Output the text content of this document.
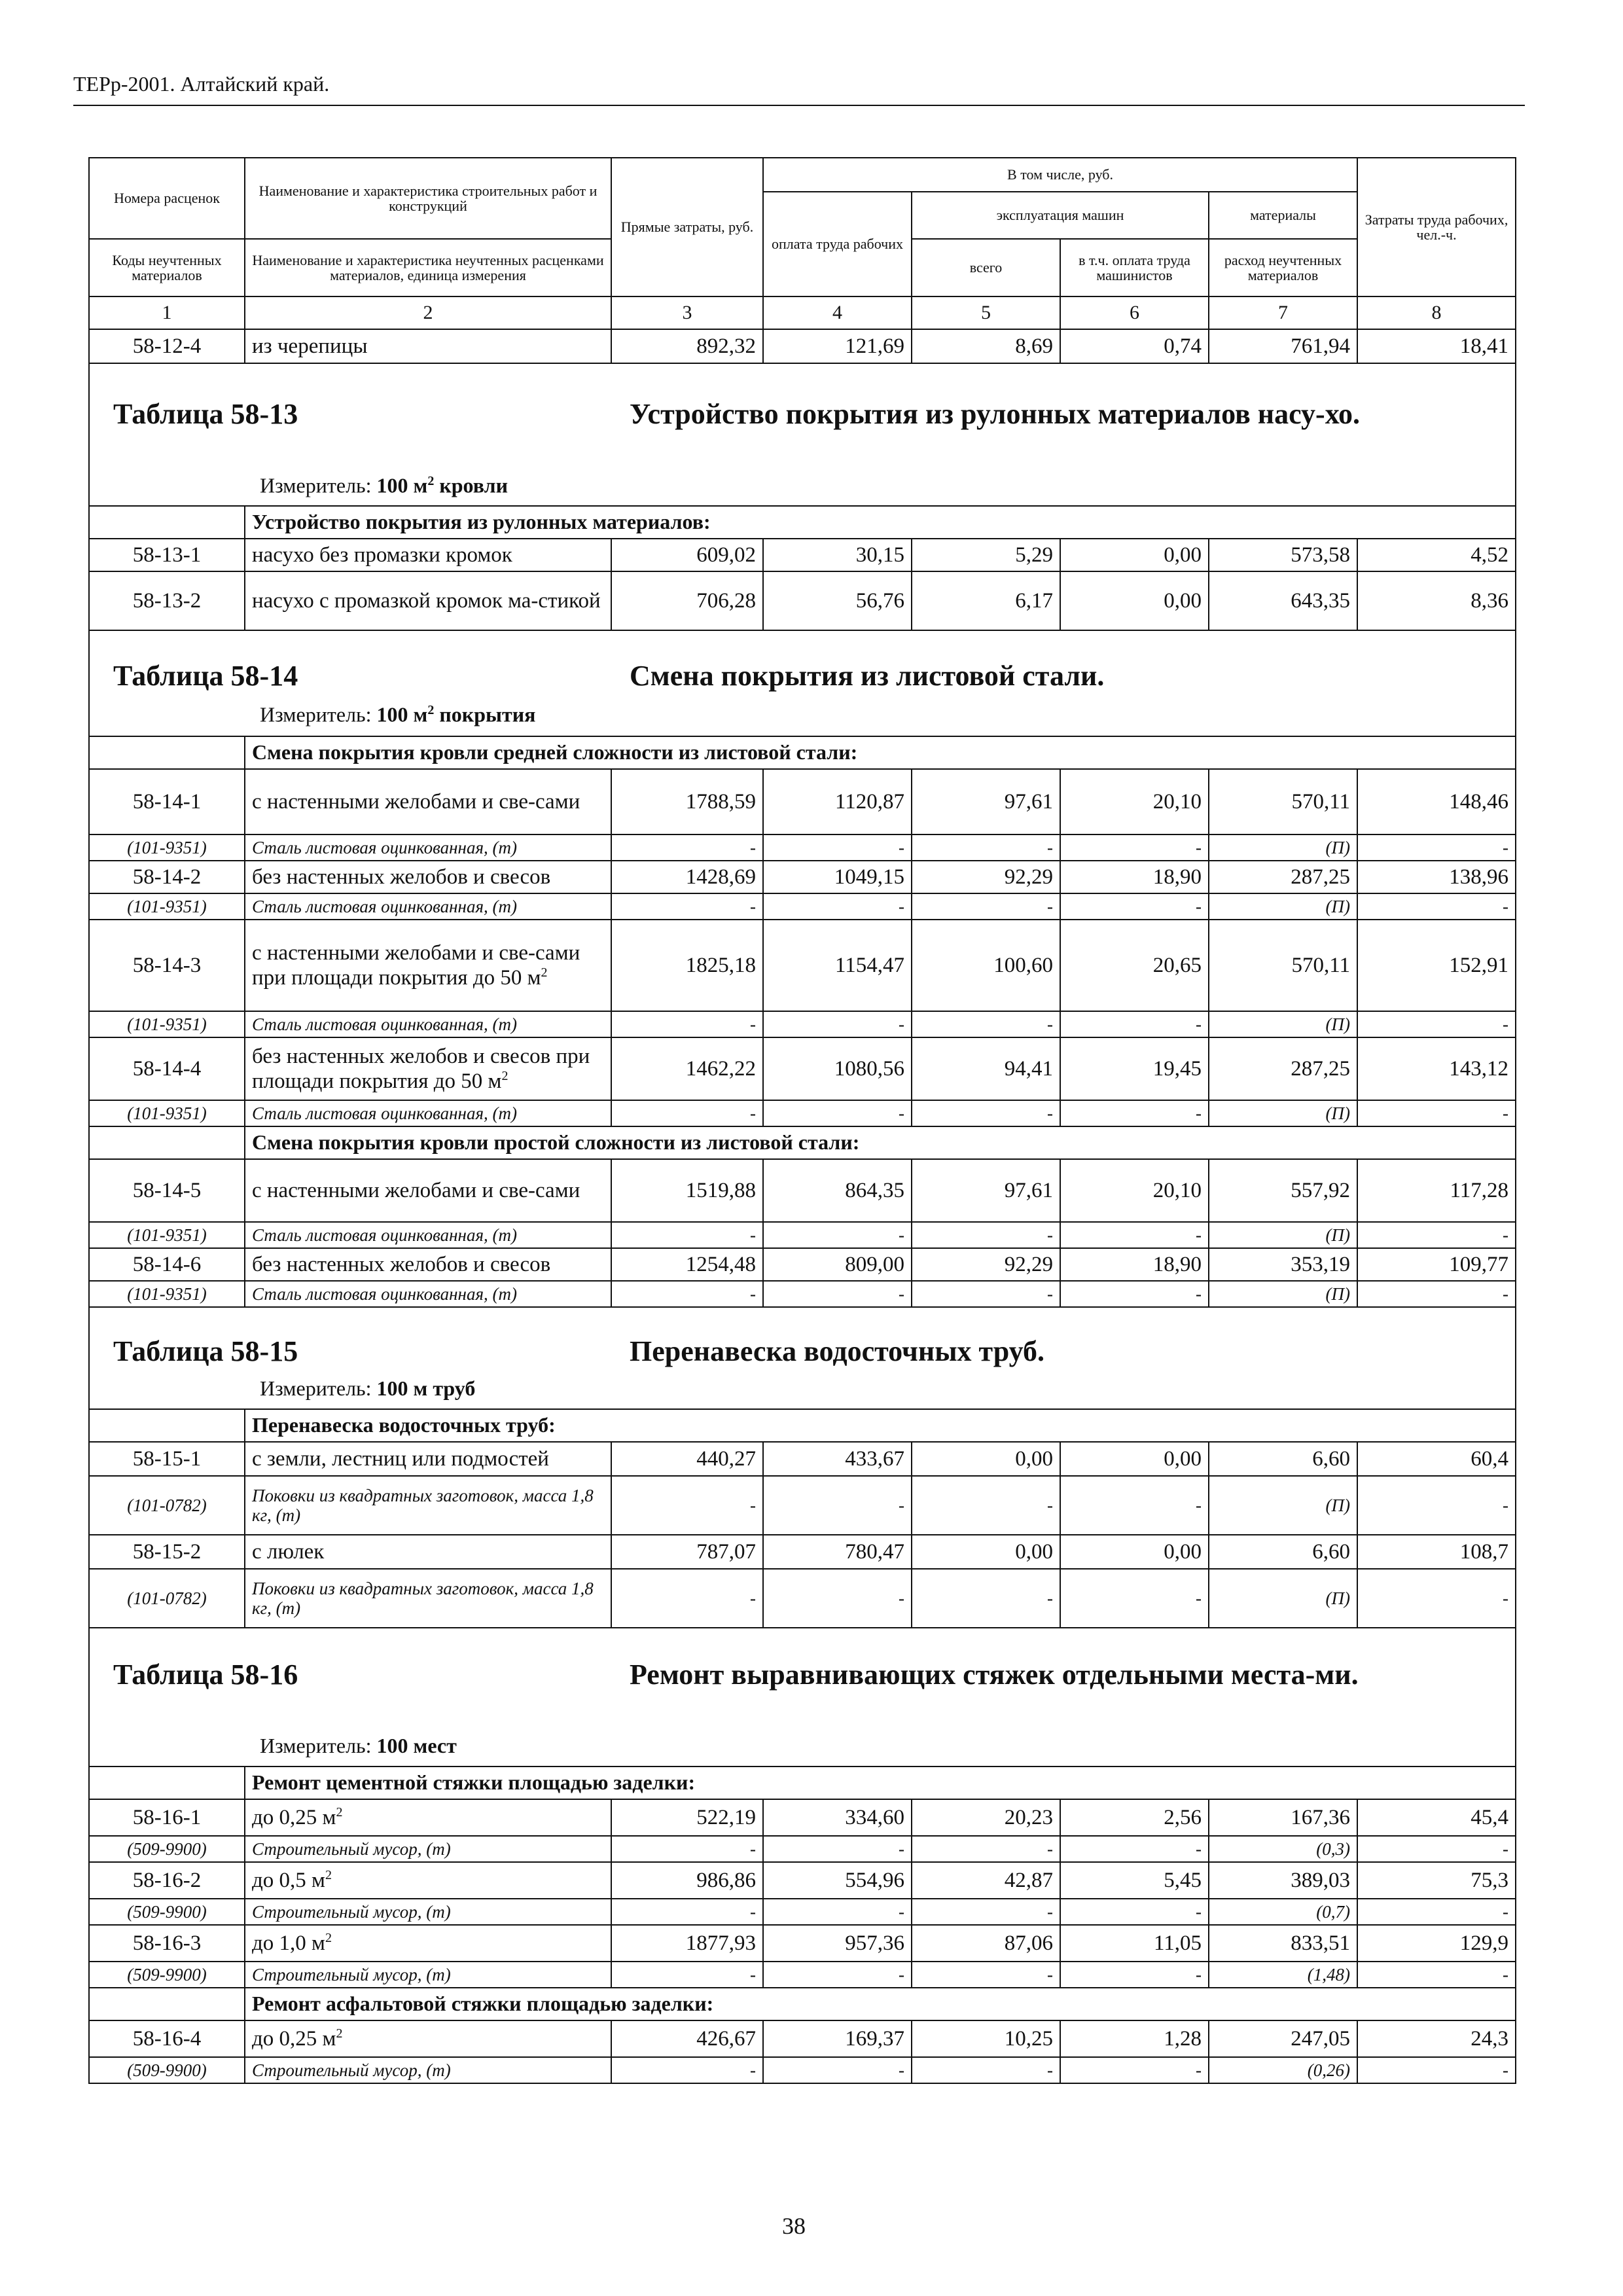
ТЕРр-2001. Алтайский край.
Номера расценок	Наименование и характеристика строительных работ и конструкций	Прямые затраты, руб.	В том числе, руб.				Затраты труда рабочих, чел.-ч.
			оплата труда рабочих	эксплуатация машин		материалы	
Коды неучтенных материалов	Наименование и характеристика неучтенных расценками материалов, единица измерения			всего	в т.ч. оплата труда машинистов	расход неучтенных материалов	

1	2	3	4	5	6	7	8
58-12-4	из черепицы	892,32	121,69	8,69	0,74	761,94	18,41

Таблица 58-13 Устройство покрытия из рулонных материалов насу-хо.
Измеритель: 100 $м^2$ кровли							

	Устройство покрытия из рулонных материалов:						
58-13-1	насухо без промазки кромок	609,02	30,15	5,29	0,00	573,58	4,52
58-13-2	насухо с промазкой кромок ма-стикой	706,28	56,76	6,17	0,00	643,35	8,36

Таблица 58-14 Смена покрытия из листовой стали.
Измеритель: 100 $м^2$ покрытия							

	Смена покрытия кровли средней сложности из листовой стали:						
58-14-1	с настенными желобами и све-сами	1788,59	1120,87	97,61	20,10	570,11	148,46
(101-9351)	Сталь листовая оцинкованная, (т)	-	-	-	-	(П)	-
58-14-2	без настенных желобов и свесов	1428,69	1049,15	92,29	18,90	287,25	138,96
(101-9351)	Сталь листовая оцинкованная, (т)	-	-	-	-	(П)	-
58-14-3	с настенными желобами и све-сами при площади покрытия до 50 $м^2$	1825,18	1154,47	100,60	20,65	570,11	152,91
(101-9351)	Сталь листовая оцинкованная, (т)	-	-	-	-	(П)	-
58-14-4	без настенных желобов и свесов при площади покрытия до 50 $м^2$	1462,22	1080,56	94,41	19,45	287,25	143,12
(101-9351)	Сталь листовая оцинкованная, (т)	-	-	-	-	(П)	-
	Смена покрытия кровли простой сложности из листовой стали:						
58-14-5	с настенными желобами и све-сами	1519,88	864,35	97,61	20,10	557,92	117,28
(101-9351)	Сталь листовая оцинкованная, (т)	-	-	-	-	(П)	-
58-14-6	без настенных желобов и свесов	1254,48	809,00	92,29	18,90	353,19	109,77
(101-9351)	Сталь листовая оцинкованная, (т)	-	-	-	-	(П)	-

Таблица 58-15 Перенавеска водосточных труб.
Измеритель: 100 м труб							

	Перенавеска водосточных труб:						
58-15-1	с земли, лестниц или подмостей	440,27	433,67	0,00	0,00	6,60	60,4
(101-0782)	Поковки из квадратных заготовок, масса 1,8 кг, (т)	-	-	-	-	(П)	-
58-15-2	с люлек	787,07	780,47	0,00	0,00	6,60	108,7
(101-0782)	Поковки из квадратных заготовок, масса 1,8 кг, (т)	-	-	-	-	(П)	-

Таблица 58-16 Ремонт выравнивающих стяжек отдельными места-ми.
Измеритель: 100 мест							

	Ремонт цементной стяжки площадью заделки:						
58-16-1	до 0,25 $м^2$	522,19	334,60	20,23	2,56	167,36	45,4
(509-9900)	Строительный мусор, (т)	-	-	-	-	(0,3)	-
58-16-2	до 0,5 $м^2$	986,86	554,96	42,87	5,45	389,03	75,3
(509-9900)	Строительный мусор, (т)	-	-	-	-	(0,7)	-
58-16-3	до 1,0 $м^2$	1877,93	957,36	87,06	11,05	833,51	129,9
(509-9900)	Строительный мусор, (т)	-	-	-	-	(1,48)	-
	Ремонт асфальтовой стяжки площадью заделки:						
58-16-4	до 0,25 $м^2$	426,67	169,37	10,25	1,28	247,05	24,3
(509-9900)	Строительный мусор, (т)	-	-	-	-	(0,26)	-
38
